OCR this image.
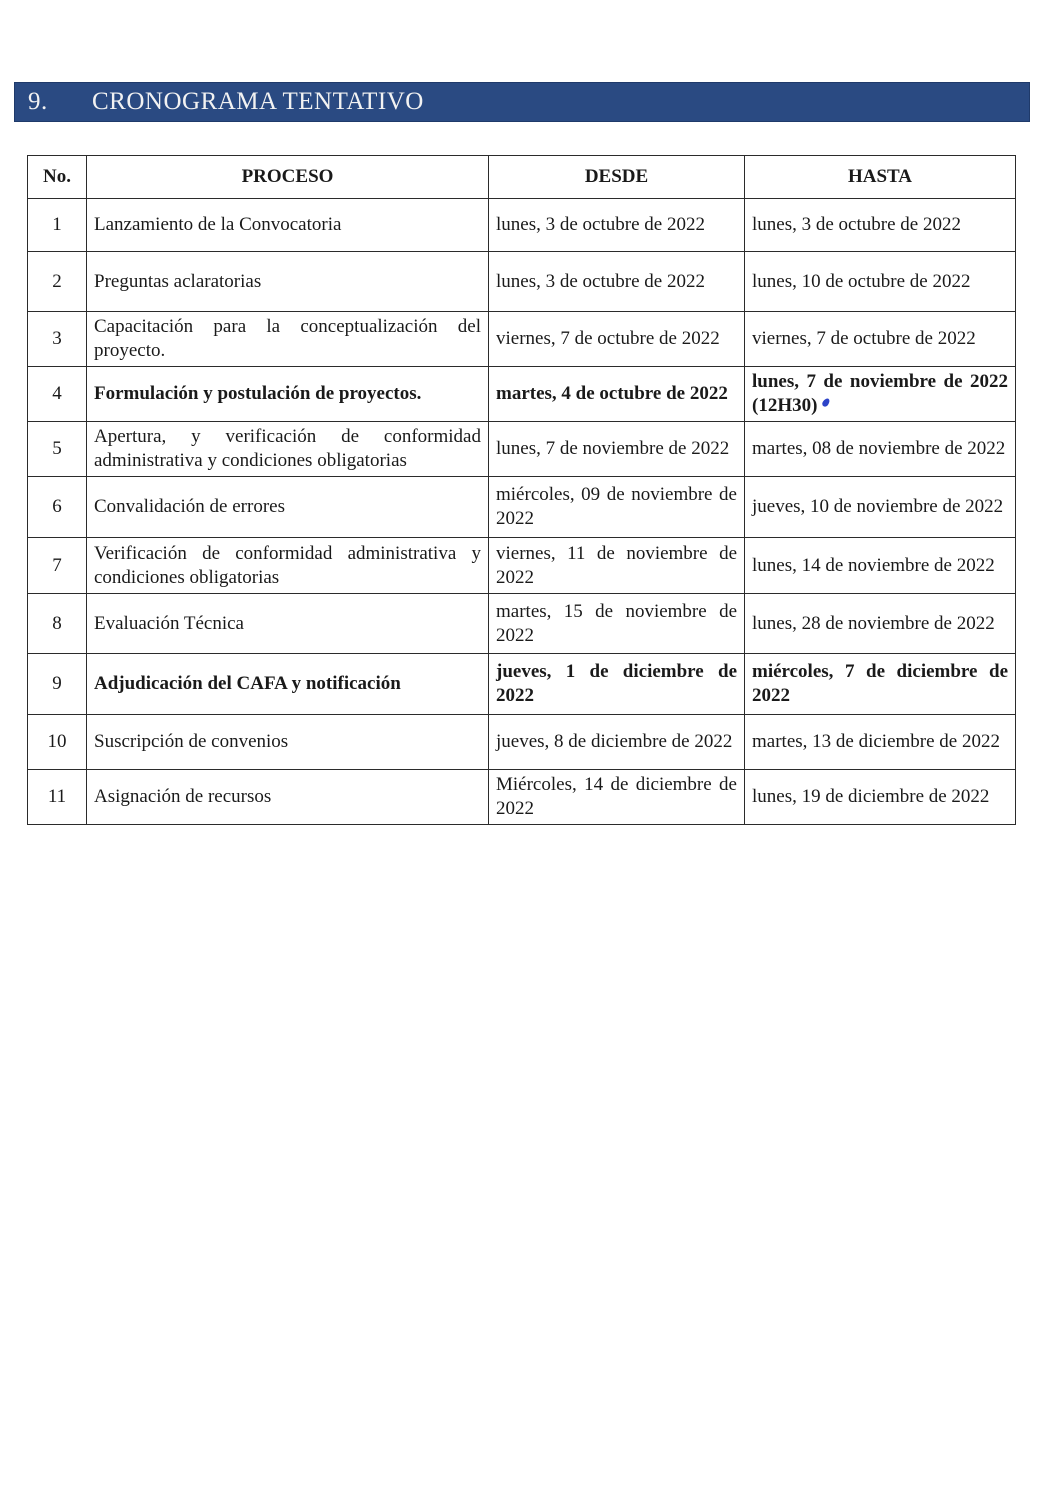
9. CRONOGRAMA TENTATIVO
No.	PROCESO	DESDE	HASTA
1	Lanzamiento de la Convocatoria	lunes, 3 de octubre de 2022	lunes, 3 de octubre de 2022
2	Preguntas aclaratorias	lunes, 3 de octubre de 2022	lunes, 10 de octubre de 2022
3	Capacitación para la conceptualización del proyecto.	viernes, 7 de octubre de 2022	viernes, 7 de octubre de 2022
4	Formulación y postulación de proyectos.	martes, 4 de octubre de 2022	lunes, 7 de noviembre de 2022 (12H30)
5	Apertura, y verificación de conformidad administrativa y condiciones obligatorias	lunes, 7 de noviembre de 2022	martes, 08 de noviembre de 2022
6	Convalidación de errores	miércoles, 09 de noviembre de 2022	jueves, 10 de noviembre de 2022
7	Verificación de conformidad administrativa y condiciones obligatorias	viernes, 11 de noviembre de 2022	lunes, 14 de noviembre de 2022
8	Evaluación Técnica	martes, 15 de noviembre de 2022	lunes, 28 de noviembre de 2022
9	Adjudicación del CAFA y notificación	jueves, 1 de diciembre de 2022	miércoles, 7 de diciembre de 2022
10	Suscripción de convenios	jueves, 8 de diciembre de 2022	martes, 13 de diciembre de 2022
11	Asignación de recursos	Miércoles, 14 de diciembre de 2022	lunes, 19 de diciembre de 2022
